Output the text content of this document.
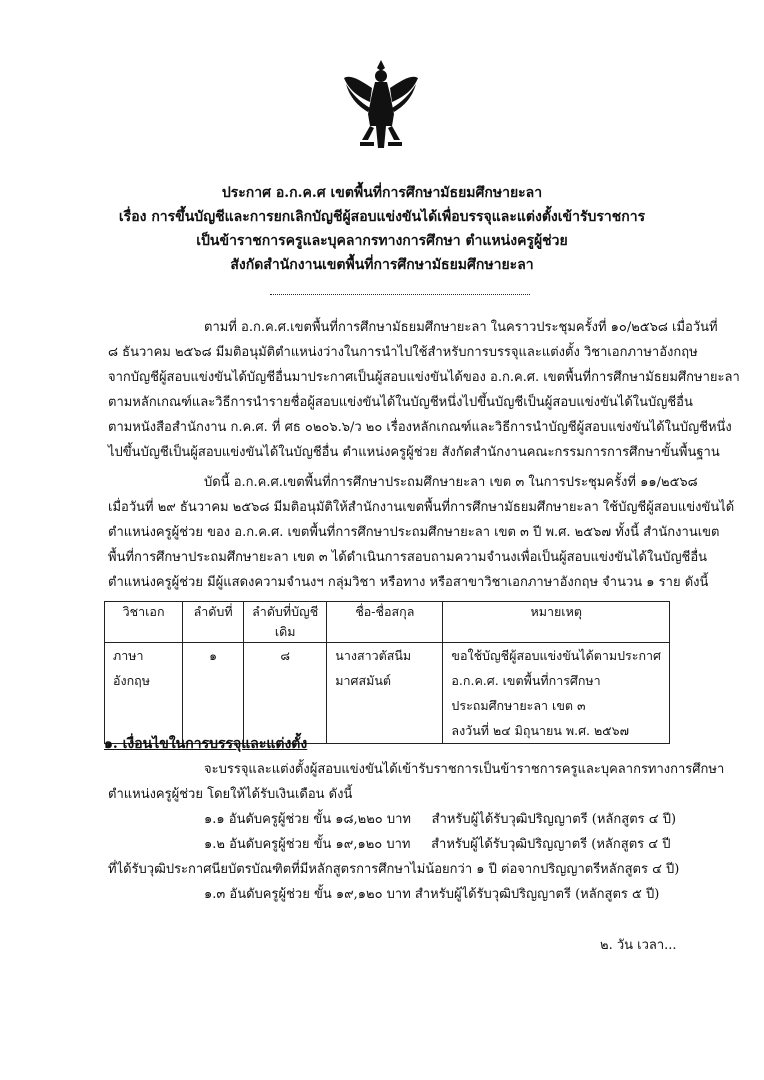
ประกาศ อ.ก.ค.ศ เขตพื้นที่การศึกษามัธยมศึกษายะลา
เรื่อง การขึ้นบัญชีและการยกเลิกบัญชีผู้สอบแข่งขันได้เพื่อบรรจุและแต่งตั้งเข้ารับราชการ
เป็นข้าราชการครูและบุคลากรทางการศึกษา ตำแหน่งครูผู้ช่วย
สังกัดสำนักงานเขตพื้นที่การศึกษามัธยมศึกษายะลา
ตามที่ อ.ก.ค.ศ.เขตพื้นที่การศึกษามัธยมศึกษายะลา ในคราวประชุมครั้งที่ ๑๐/๒๕๖๘ เมื่อวันที่
๘ ธันวาคม ๒๕๖๘ มีมติอนุมัติตำแหน่งว่างในการนำไปใช้สำหรับการบรรจุและแต่งตั้ง วิชาเอกภาษาอังกฤษ
จากบัญชีผู้สอบแข่งขันได้บัญชีอื่นมาประกาศเป็นผู้สอบแข่งขันได้ของ อ.ก.ค.ศ. เขตพื้นที่การศึกษามัธยมศึกษายะลา
ตามหลักเกณฑ์และวิธีการนำรายชื่อผู้สอบแข่งขันได้ในบัญชีหนึ่งไปขึ้นบัญชีเป็นผู้สอบแข่งขันได้ในบัญชีอื่น
ตามหนังสือสำนักงาน ก.ค.ศ. ที่ ศธ ๐๒๐๖.๖/ว ๒๐ เรื่องหลักเกณฑ์และวิธีการนำบัญชีผู้สอบแข่งขันได้ในบัญชีหนึ่ง
ไปขึ้นบัญชีเป็นผู้สอบแข่งขันได้ในบัญชีอื่น ตำแหน่งครูผู้ช่วย สังกัดสำนักงานคณะกรรมการการศึกษาขั้นพื้นฐาน
บัดนี้ อ.ก.ค.ศ.เขตพื้นที่การศึกษาประถมศึกษายะลา เขต ๓ ในการประชุมครั้งที่ ๑๑/๒๕๖๘
เมื่อวันที่ ๒๙ ธันวาคม ๒๕๖๘ มีมติอนุมัติให้สำนักงานเขตพื้นที่การศึกษามัธยมศึกษายะลา ใช้บัญชีผู้สอบแข่งขันได้
ตำแหน่งครูผู้ช่วย ของ อ.ก.ค.ศ. เขตพื้นที่การศึกษาประถมศึกษายะลา เขต ๓ ปี พ.ศ. ๒๕๖๗ ทั้งนี้ สำนักงานเขต
พื้นที่การศึกษาประถมศึกษายะลา เขต ๓ ได้ดำเนินการสอบถามความจำนงเพื่อเป็นผู้สอบแข่งขันได้ในบัญชีอื่น
ตำแหน่งครูผู้ช่วย มีผู้แสดงความจำนงฯ กลุ่มวิชา หรือทาง หรือสาขาวิชาเอกภาษาอังกฤษ จำนวน ๑ ราย ดังนี้
วิชาเอก	ลำดับที่	ลำดับที่บัญชีเดิม	ชื่อ-ชื่อสกุล	หมายเหตุ
ภาษาอังกฤษ	๑	๘	นางสาวตัสนีม มาศสมันต์	ขอใช้บัญชีผู้สอบแข่งขันได้ตามประกาศ
อ.ก.ค.ศ. เขตพื้นที่การศึกษา
ประถมศึกษายะลา เขต ๓
ลงวันที่ ๒๔ มิถุนายน พ.ศ. ๒๕๖๗
๑. เงื่อนไขในการบรรจุและแต่งตั้ง
จะบรรจุและแต่งตั้งผู้สอบแข่งขันได้เข้ารับราชการเป็นข้าราชการครูและบุคลากรทางการศึกษา
ตำแหน่งครูผู้ช่วย โดยให้ได้รับเงินเดือน ดังนี้
๑.๑ อันดับครูผู้ช่วย ขั้น ๑๘,๒๒๐ บาท     สำหรับผู้ได้รับวุฒิปริญญาตรี (หลักสูตร ๔ ปี)
๑.๒ อันดับครูผู้ช่วย ขั้น ๑๙,๑๒๐ บาท     สำหรับผู้ได้รับวุฒิปริญญาตรี (หลักสูตร ๔ ปี
ที่ได้รับวุฒิประกาศนียบัตรบัณฑิตที่มีหลักสูตรการศึกษาไม่น้อยกว่า ๑ ปี ต่อจากปริญญาตรีหลักสูตร ๔ ปี)
๑.๓ อันดับครูผู้ช่วย ขั้น ๑๙,๑๒๐ บาท สำหรับผู้ได้รับวุฒิปริญญาตรี (หลักสูตร ๕ ปี)
๒. วัน เวลา...
